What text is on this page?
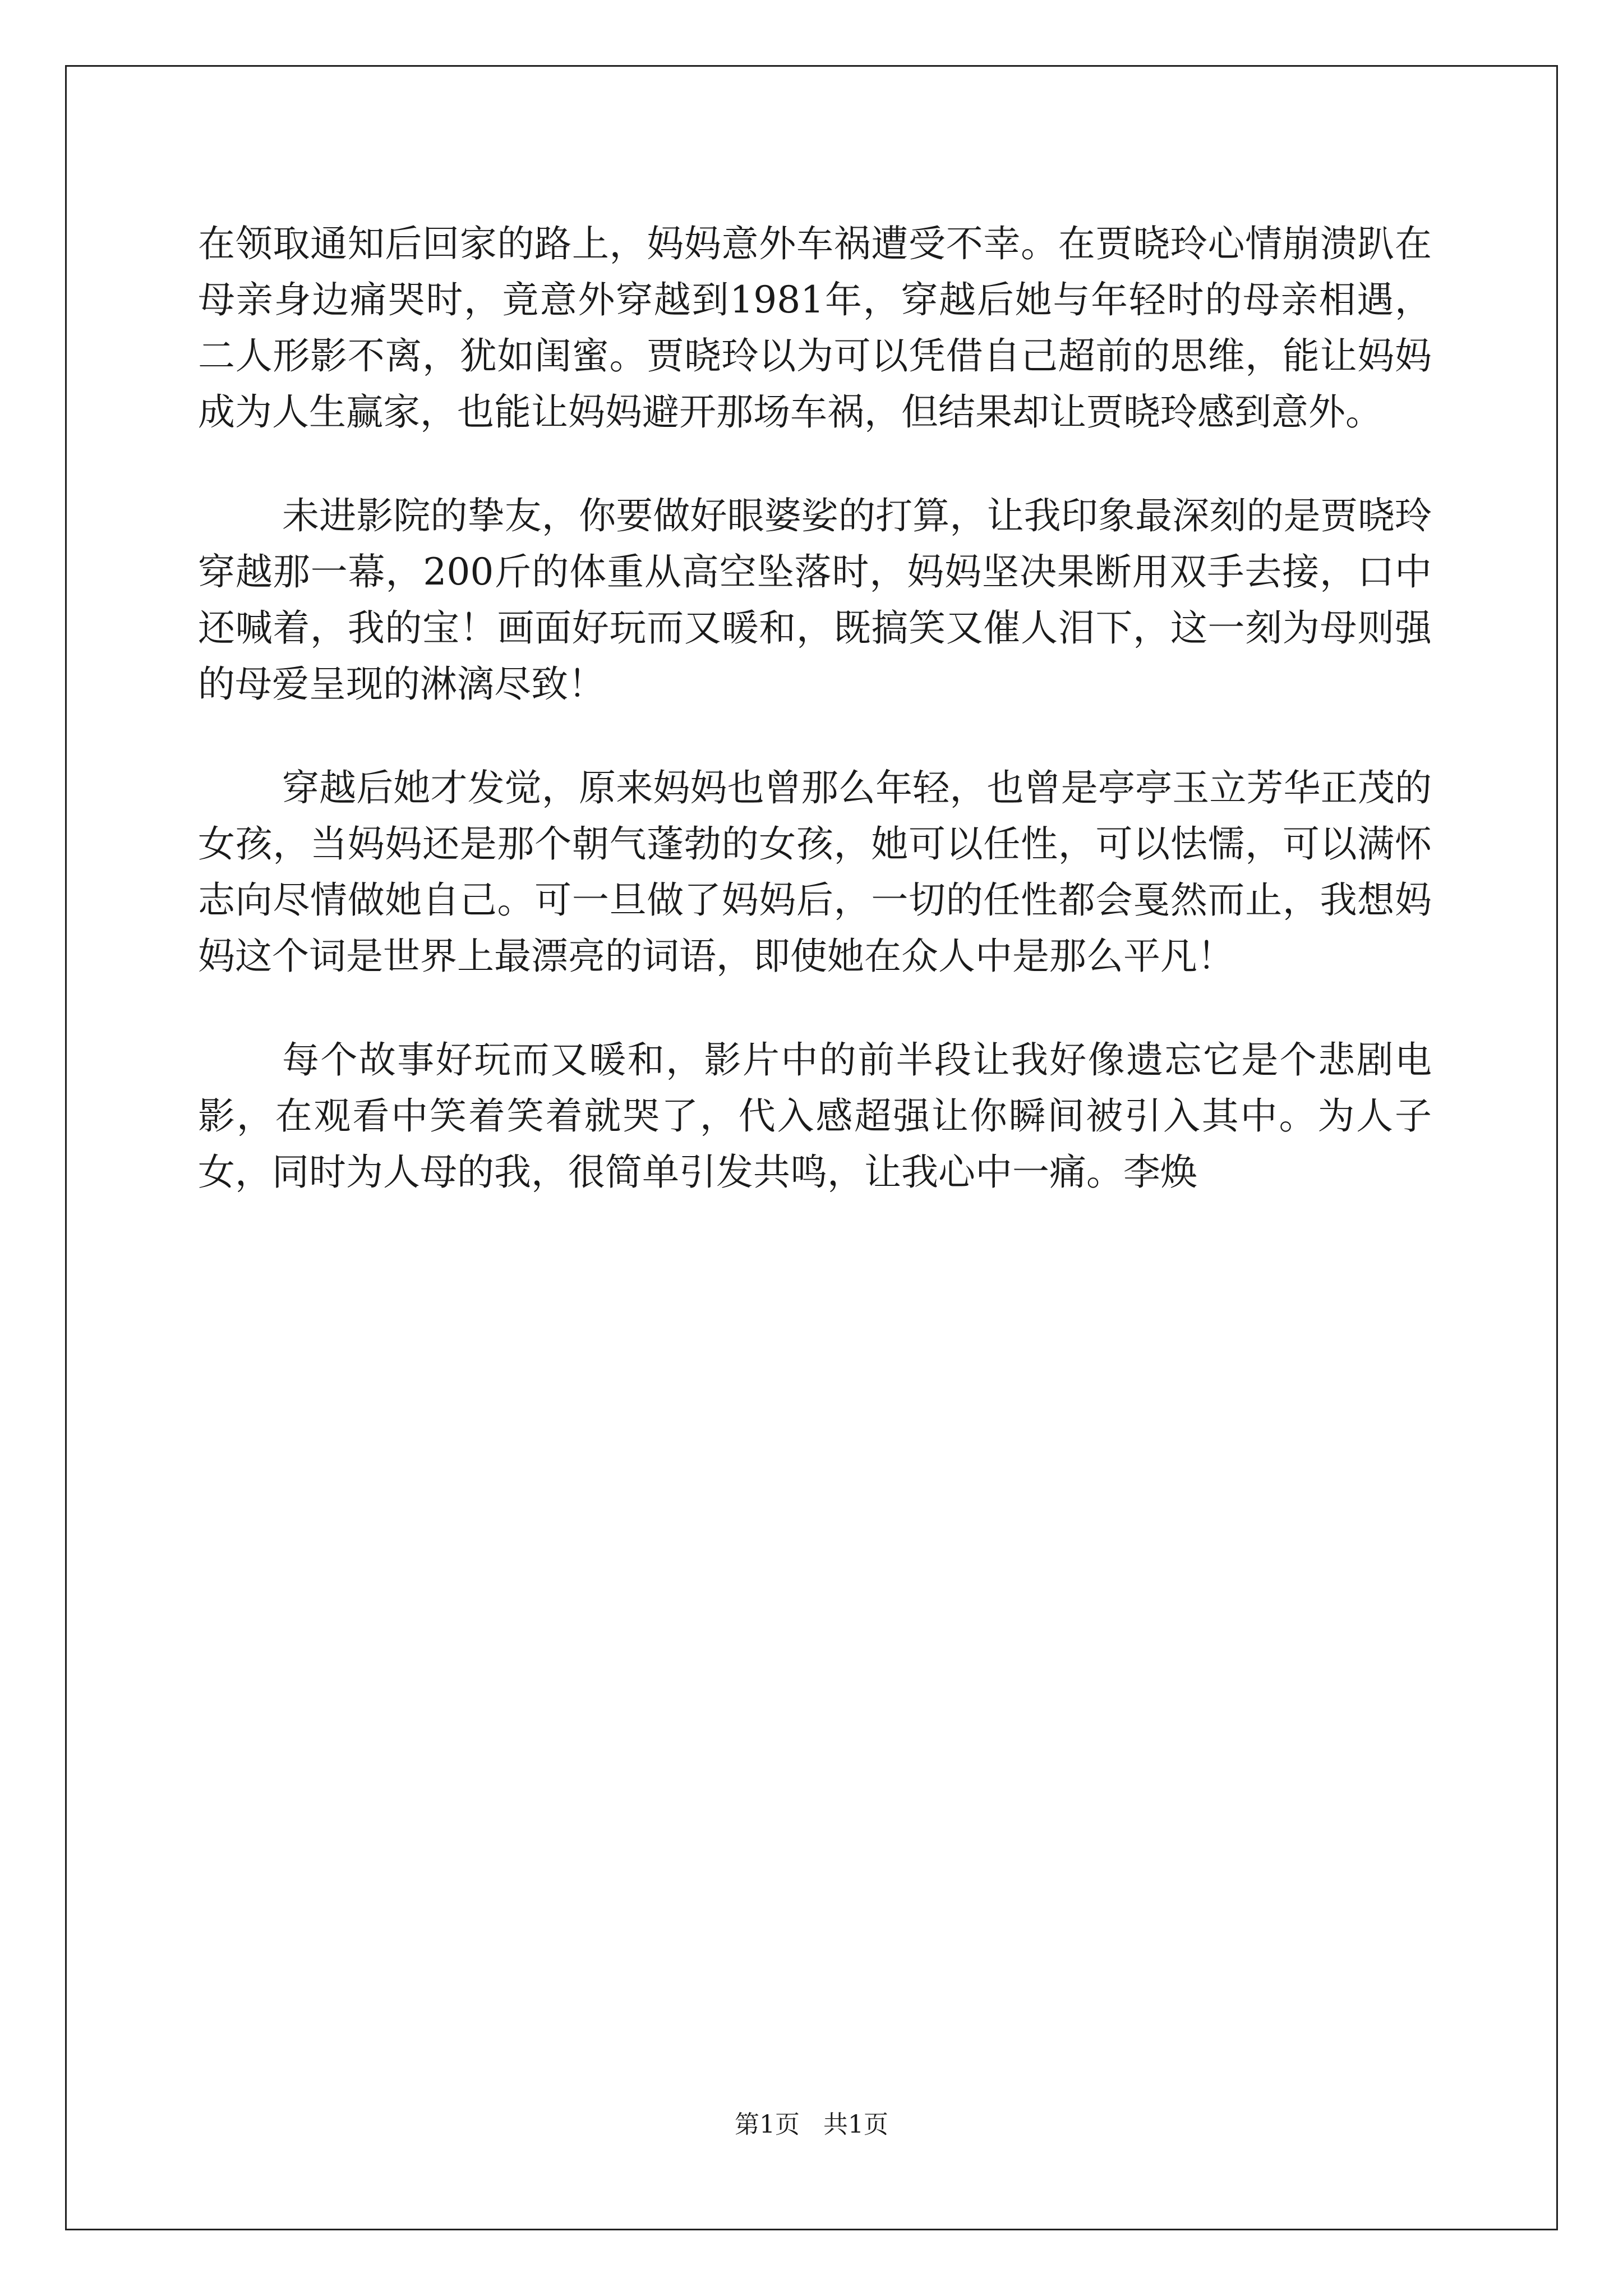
在领取通知后回家的路上，妈妈意外车祸遭受不幸。在贾晓玲心情崩溃趴在母亲身边痛哭时，竟意外穿越到1981年，穿越后她与年轻时的母亲相遇，二人形影不离，犹如闺蜜。贾晓玲以为可以凭借自己超前的思维，能让妈妈成为人生赢家，也能让妈妈避开那场车祸，但结果却让贾晓玲感到意外。

未进影院的挚友，你要做好眼婆娑的打算，让我印象最深刻的是贾晓玲穿越那一幕，200斤的体重从高空坠落时，妈妈坚决果断用双手去接，口中还喊着，我的宝！画面好玩而又暖和，既搞笑又催人泪下，这一刻为母则强的母爱呈现的淋漓尽致！

穿越后她才发觉，原来妈妈也曾那么年轻，也曾是亭亭玉立芳华正茂的女孩，当妈妈还是那个朝气蓬勃的女孩，她可以任性，可以怯懦，可以满怀志向尽情做她自己。可一旦做了妈妈后，一切的任性都会戛然而止，我想妈妈这个词是世界上最漂亮的词语，即使她在众人中是那么平凡！

每个故事好玩而又暖和，影片中的前半段让我好像遗忘它是个悲剧电影，在观看中笑着笑着就哭了，代入感超强让你瞬间被引入其中。为人子女，同时为人母的我，很简单引发共鸣，让我心中一痛。李焕

第1页   共1页
